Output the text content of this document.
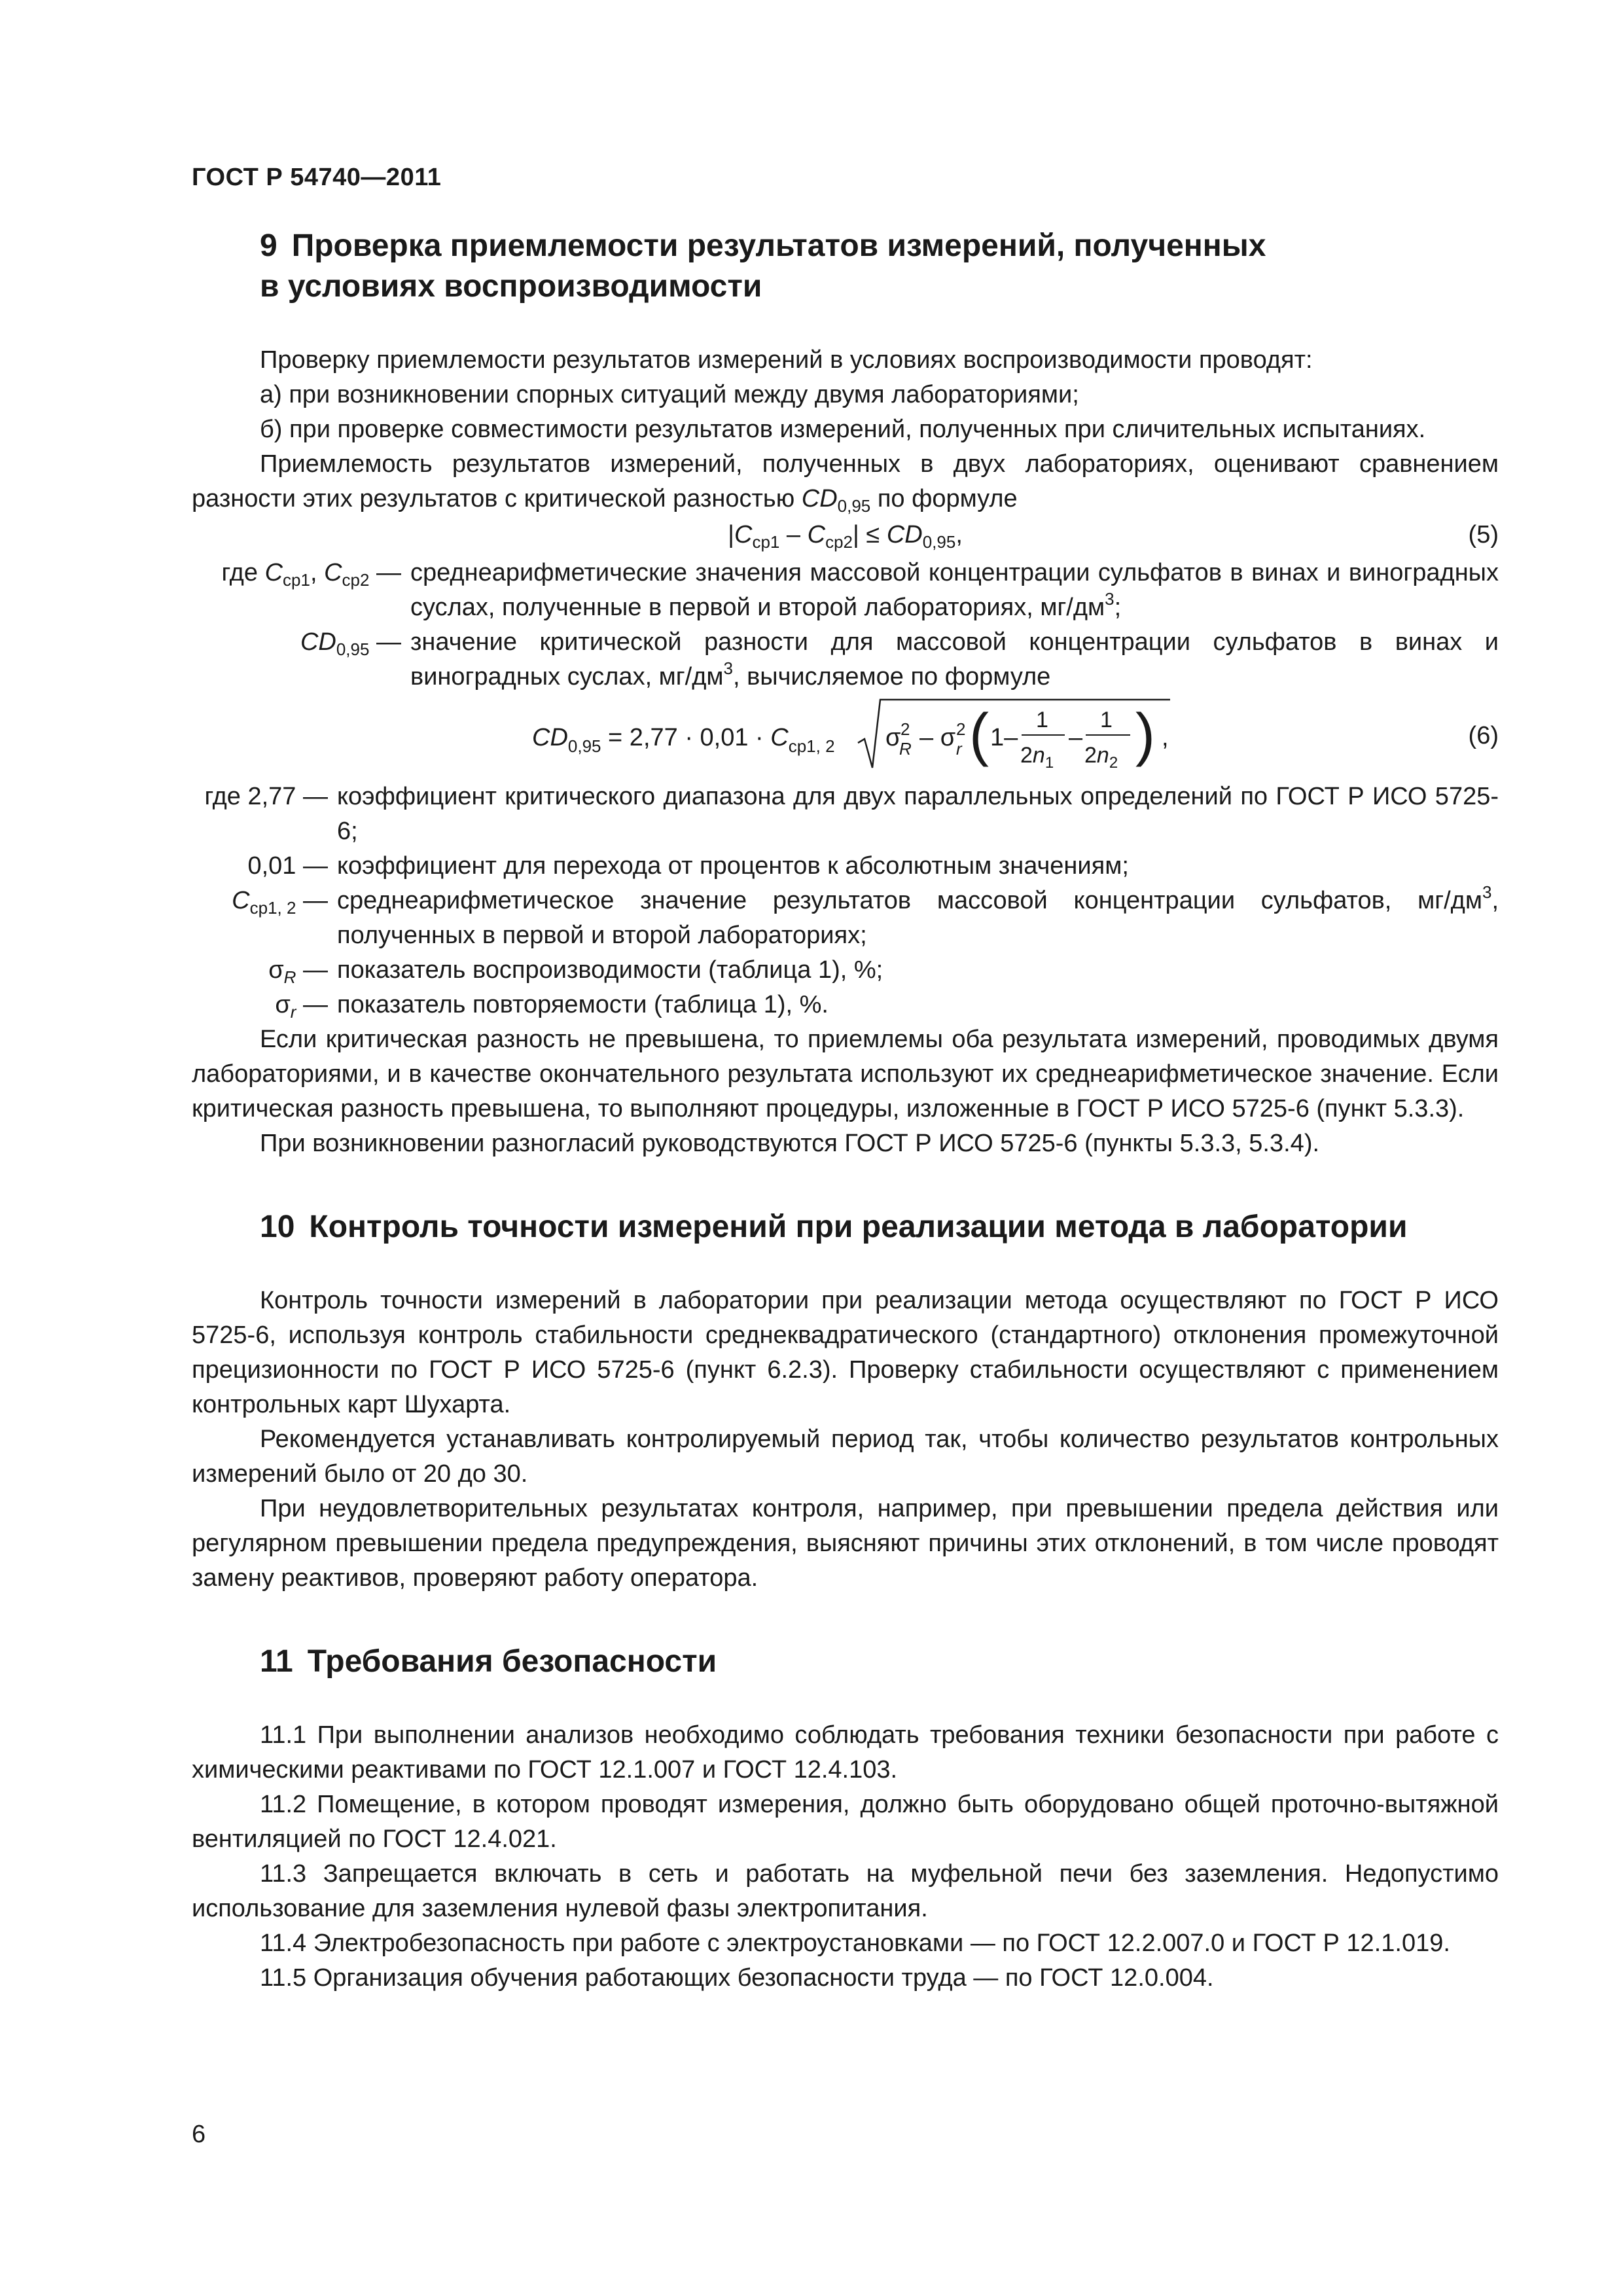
ГОСТ Р 54740—2011
9 Проверка приемлемости результатов измерений, полученных
в условиях воспроизводимости

Проверку приемлемости результатов измерений в условиях воспроизводимости проводят:

а) при возникновении спорных ситуаций между двумя лабораториями;

б) при проверке совместимости результатов измерений, полученных при сличительных испытаниях.

Приемлемость результатов измерений, полученных в двух лабораториях, оценивают сравнением разности этих результатов с критической разностью $CD_{0,95}$ по формуле

$|C_{ср1} - C_{ср2}| \le CD_{0,95}$,	(5)
где $C_{ср1}$, $C_{ср2}$ — среднеарифметические значения массовой концентрации сульфатов в винах и виноградных суслах, полученные в первой и второй лабораториях, $мг/дм^3$;
$CD_{0,95}$ — значение критической разности для массовой концентрации сульфатов в винах и виноградных суслах, $мг/дм^3$, вычисляемое по формуле
$CD_{0,95} = 2,77 \cdot 0,01 \cdot C_{ср1, 2}$ σ
R
2 – σ r
2 ( 1–
1
$2n_1$
–
1
$2n_2$ ) ,	(6)
где 2,77 — коэффициент критического диапазона для двух параллельных определений по ГОСТ Р ИСО 5725-6;
0,01 — коэффициент для перехода от процентов к абсолютным значениям;
$C_{ср1, 2}$ — среднеарифметическое значение результатов массовой концентрации сульфатов, $мг/дм^3$, полученных в первой и второй лабораториях;
$\sigma_R$ — показатель воспроизводимости (таблица 1), %;
$\sigma_r$ — показатель повторяемости (таблица 1), %.

Если критическая разность не превышена, то приемлемы оба результата измерений, проводимых двумя лабораториями, и в качестве окончательного результата используют их среднеарифметическое значение. Если критическая разность превышена, то выполняют процедуры, изложенные в ГОСТ Р ИСО 5725-6 (пункт 5.3.3).

При возникновении разногласий руководствуются ГОСТ Р ИСО 5725-6 (пункты 5.3.3, 5.3.4).

10 Контроль точности измерений при реализации метода в лаборатории

Контроль точности измерений в лаборатории при реализации метода осуществляют по ГОСТ Р ИСО 5725-6, используя контроль стабильности среднеквадратического (стандартного) отклонения промежуточной прецизионности по ГОСТ Р ИСО 5725-6 (пункт 6.2.3). Проверку стабильности осуществляют с применением контрольных карт Шухарта.

Рекомендуется устанавливать контролируемый период так, чтобы количество результатов контрольных измерений было от 20 до 30.

При неудовлетворительных результатах контроля, например, при превышении предела действия или регулярном превышении предела предупреждения, выясняют причины этих отклонений, в том числе проводят замену реактивов, проверяют работу оператора.

11 Требования безопасности

11.1 При выполнении анализов необходимо соблюдать требования техники безопасности при работе с химическими реактивами по ГОСТ 12.1.007 и ГОСТ 12.4.103.

11.2 Помещение, в котором проводят измерения, должно быть оборудовано общей проточно-вытяжной вентиляцией по ГОСТ 12.4.021.

11.3 Запрещается включать в сеть и работать на муфельной печи без заземления. Недопустимо использование для заземления нулевой фазы электропитания.

11.4 Электробезопасность при работе с электроустановками — по ГОСТ 12.2.007.0 и ГОСТ Р 12.1.019.

11.5 Организация обучения работающих безопасности труда — по ГОСТ 12.0.004.

6
